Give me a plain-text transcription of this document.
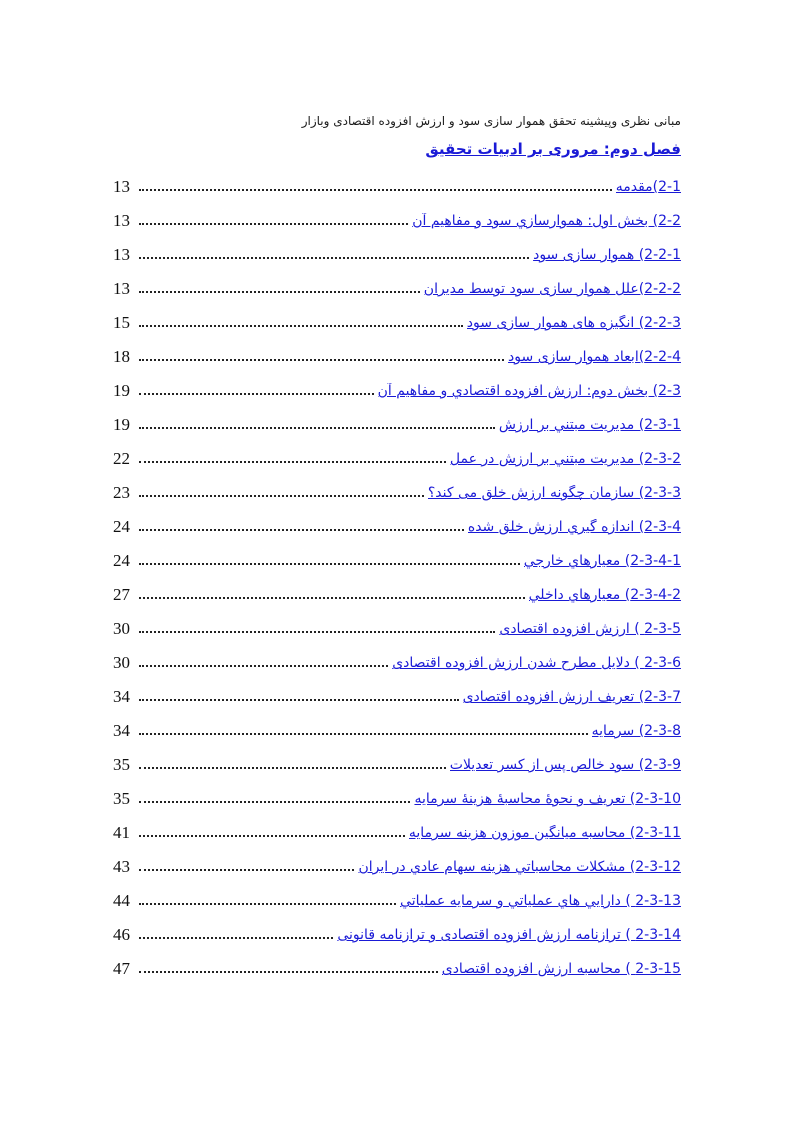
مبانی نظری وپیشینه تحقق هموار سازی سود و ارزش افزوده اقتصادی وبازار
فصل دوم: مروری بر ادبیات تحقیق
13	2-1)مقدمه
13	2-2) بخش اول: هموارسازي سود و مفاهيم آن
13	2-2-1) هموار سازی سود
13	2-2-2)علل هموار سازی سود توسط مدیران
15	2-2-3) انگیزه های هموار سازی سود
18	2-2-4)ابعاد هموار سازی سود
19	2-3) بخش دوم: ارزش افزوده اقتصادي و مفاهيم آن
19	2-3-1) مدیریت مبتني بر ارزش
22	2-3-2) مدیریت مبتني بر ارزش در عمل
23	2-3-3) سازمان چگونه ارزش خلق می کند؟
24	2-3-4) اندازه گيري ارزش خلق شده
24	2-3-4-1) معيارهاي خارجي
27	2-3-4-2) معيارهاي داخلي
30	2-3-5 ) ارزش افزوده اقتصادی
30	2-3-6 ) دلایل مطرح شدن ارزش افزوده اقتصادی
34	2-3-7) تعریف ارزش افزوده اقتصادی
34	2-3-8) سرمایه
35	2-3-9) سود خالص پس از کسر تعديلات
35	2-3-10) تعریف و نحوۀ محاسبۀ هزینۀ سرمایه
41	2-3-11) محاسبه میانگین موزون هزینه سرمایه
43	2-3-12) مشکلات محاسباتي هزينه سهام عادي در ايران
44	2-3-13 ) دارايي هاي عملياتي و سرمايه عملياتي
46	2-3-14 ) ترازنامه ارزش افزوده اقتصادی و ترازنامه قانونی
47	2-3-15 ) محاسبه ارزش افزوده اقتصادی
